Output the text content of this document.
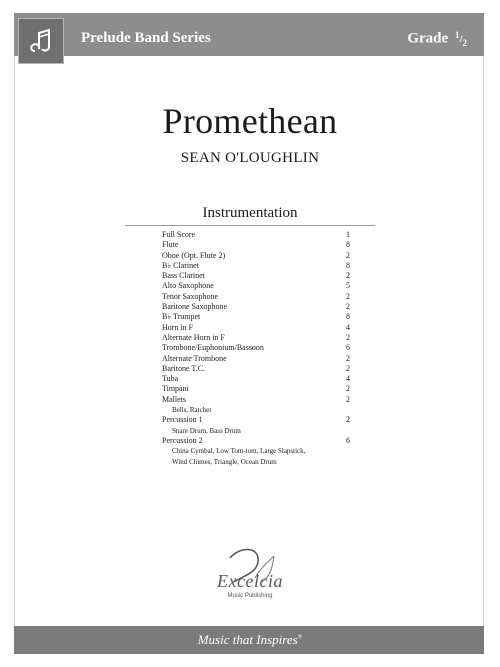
Prelude Band Series	Grade $^1/_2$
Promethean
SEAN O'LOUGHLIN
Instrumentation
Full Score	1
Flute	8
Oboe (Opt. Flute 2)	2
B♭ Clarinet	8
Bass Clarinet	2
Alto Saxophone	5
Tenor Saxophone	2
Baritone Saxophone	2
B♭ Trumpet	8
Horn in F	4
Alternate Horn in F	2
Trombone/Euphonium/Bassoon	6
Alternate Trombone	2
Baritone T.C.	2
Tuba	4
Timpani	2
Mallets	2
Bells, Ratchet
Percussion 1	2
Snare Drum, Bass Drum
Percussion 2	6
China Cymbal, Low Tom-tom, Large Slapstick,
Wind Chimes, Triangle, Ocean Drum
Excelcia
Music Publishing
Music that Inspires®
